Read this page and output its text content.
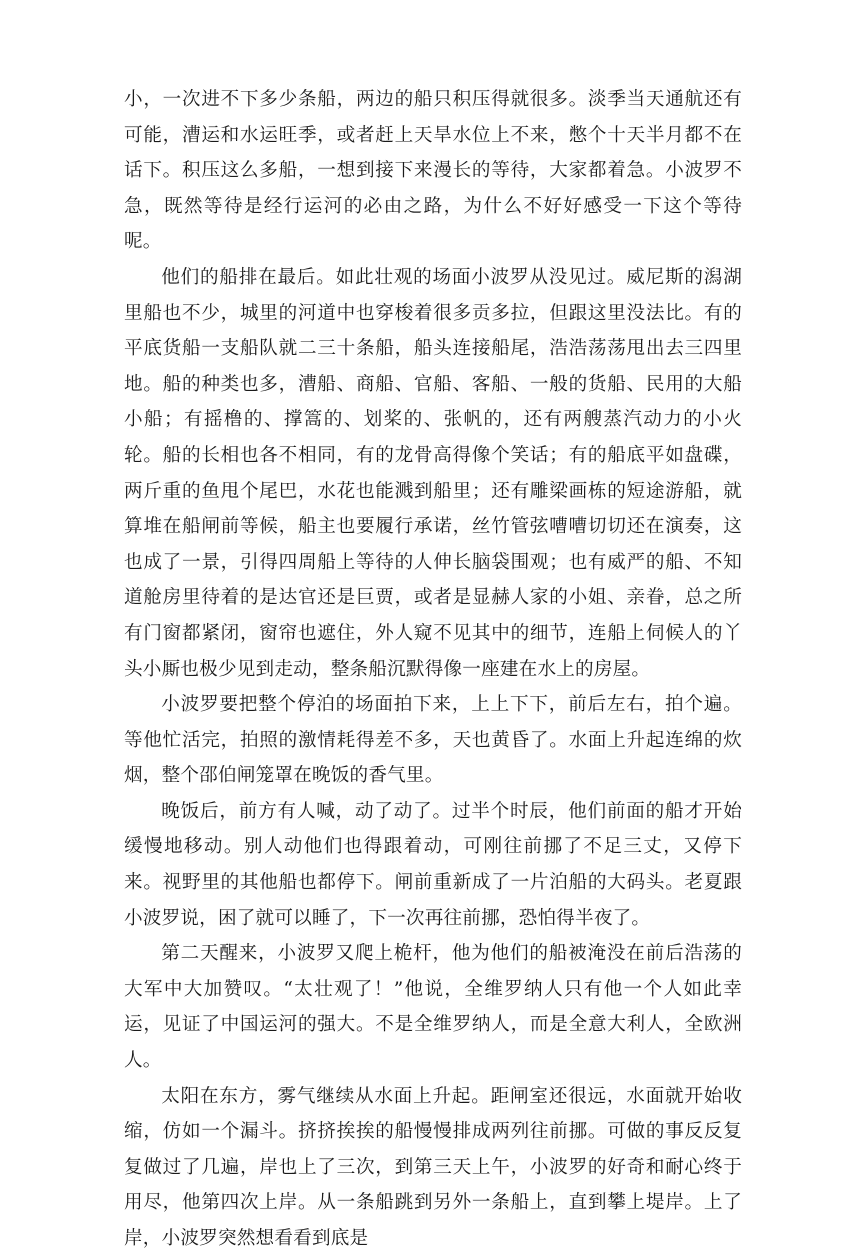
小，一次进不下多少条船，两边的船只积压得就很多。淡季当天通航还有可能，漕运和水运旺季，或者赶上天旱水位上不来，憋个十天半月都不在话下。积压这么多船，一想到接下来漫长的等待，大家都着急。小波罗不急，既然等待是经行运河的必由之路，为什么不好好感受一下这个等待呢。

他们的船排在最后。如此壮观的场面小波罗从没见过。威尼斯的潟湖里船也不少，城里的河道中也穿梭着很多贡多拉，但跟这里没法比。有的平底货船一支船队就二三十条船，船头连接船尾，浩浩荡荡甩出去三四里地。船的种类也多，漕船、商船、官船、客船、一般的货船、民用的大船小船；有摇橹的、撑篙的、划桨的、张帆的，还有两艘蒸汽动力的小火轮。船的长相也各不相同，有的龙骨高得像个笑话；有的船底平如盘碟，两斤重的鱼甩个尾巴，水花也能溅到船里；还有雕梁画栋的短途游船，就算堆在船闸前等候，船主也要履行承诺，丝竹管弦嘈嘈切切还在演奏，这也成了一景，引得四周船上等待的人伸长脑袋围观；也有威严的船、不知道舱房里待着的是达官还是巨贾，或者是显赫人家的小姐、亲眷，总之所有门窗都紧闭，窗帘也遮住，外人窥不见其中的细节，连船上伺候人的丫头小厮也极少见到走动，整条船沉默得像一座建在水上的房屋。

小波罗要把整个停泊的场面拍下来，上上下下，前后左右，拍个遍。等他忙活完，拍照的激情耗得差不多，天也黄昏了。水面上升起连绵的炊烟，整个邵伯闸笼罩在晚饭的香气里。

晚饭后，前方有人喊，动了动了。过半个时辰，他们前面的船才开始缓慢地移动。别人动他们也得跟着动，可刚往前挪了不足三丈，又停下来。视野里的其他船也都停下。闸前重新成了一片泊船的大码头。老夏跟小波罗说，困了就可以睡了，下一次再往前挪，恐怕得半夜了。

第二天醒来，小波罗又爬上桅杆，他为他们的船被淹没在前后浩荡的大军中大加赞叹。“太壮观了！”他说，全维罗纳人只有他一个人如此幸运，见证了中国运河的强大。不是全维罗纳人，而是全意大利人，全欧洲人。

太阳在东方，雾气继续从水面上升起。距闸室还很远，水面就开始收缩，仿如一个漏斗。挤挤挨挨的船慢慢排成两列往前挪。可做的事反反复复做过了几遍，岸也上了三次，到第三天上午，小波罗的好奇和耐心终于用尽，他第四次上岸。从一条船跳到另外一条船上，直到攀上堤岸。上了岸，小波罗突然想看看到底是
